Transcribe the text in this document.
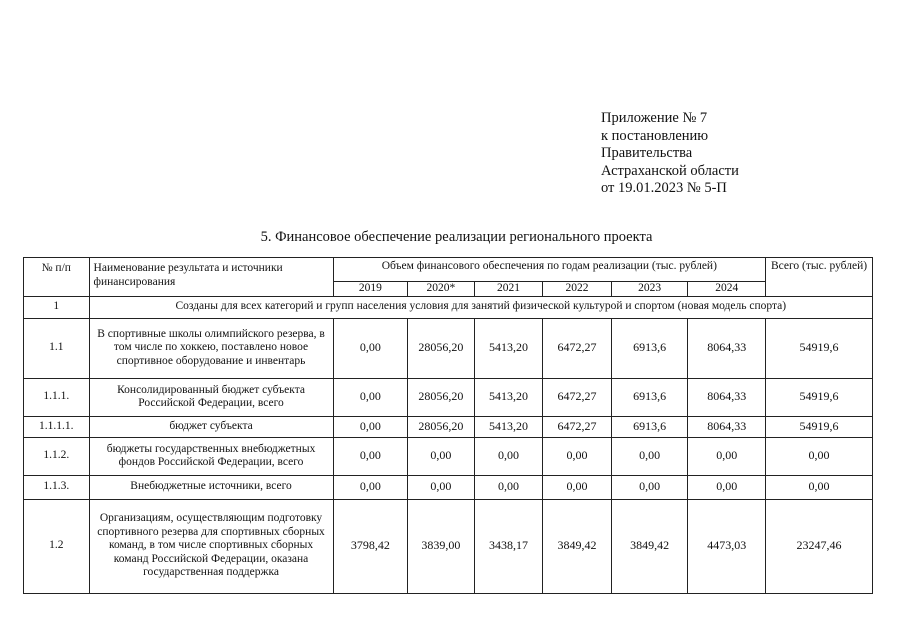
Приложение № 7
к постановлению
Правительства
Астраханской области
от 19.01.2023 № 5-П
5. Финансовое обеспечение реализации регионального проекта
№ п/п	Наименование результата и источники финансирования	Объем финансового обеспечения по годам реализации (тыс. рублей)						Всего (тыс. рублей)
		2019	2020*	2021	2022	2023	2024	
1	Созданы для всех категорий и групп населения условия для занятий физической культурой и спортом (новая модель спорта)							
1.1	В спортивные школы олимпийского резерва, в том числе по хоккею, поставлено новое спортивное оборудование и инвентарь	0,00	28056,20	5413,20	6472,27	6913,6	8064,33	54919,6
1.1.1.	Консолидированный бюджет субъекта Российской Федерации, всего	0,00	28056,20	5413,20	6472,27	6913,6	8064,33	54919,6
1.1.1.1.	бюджет субъекта	0,00	28056,20	5413,20	6472,27	6913,6	8064,33	54919,6
1.1.2.	бюджеты государственных внебюджетных фондов Российской Федерации, всего	0,00	0,00	0,00	0,00	0,00	0,00	0,00
1.1.3.	Внебюджетные источники, всего	0,00	0,00	0,00	0,00	0,00	0,00	0,00
1.2	Организациям, осуществляющим подготовку спортивного резерва для спортивных сборных команд, в том числе спортивных сборных команд Российской Федерации, оказана государственная поддержка	3798,42	3839,00	3438,17	3849,42	3849,42	4473,03	23247,46
